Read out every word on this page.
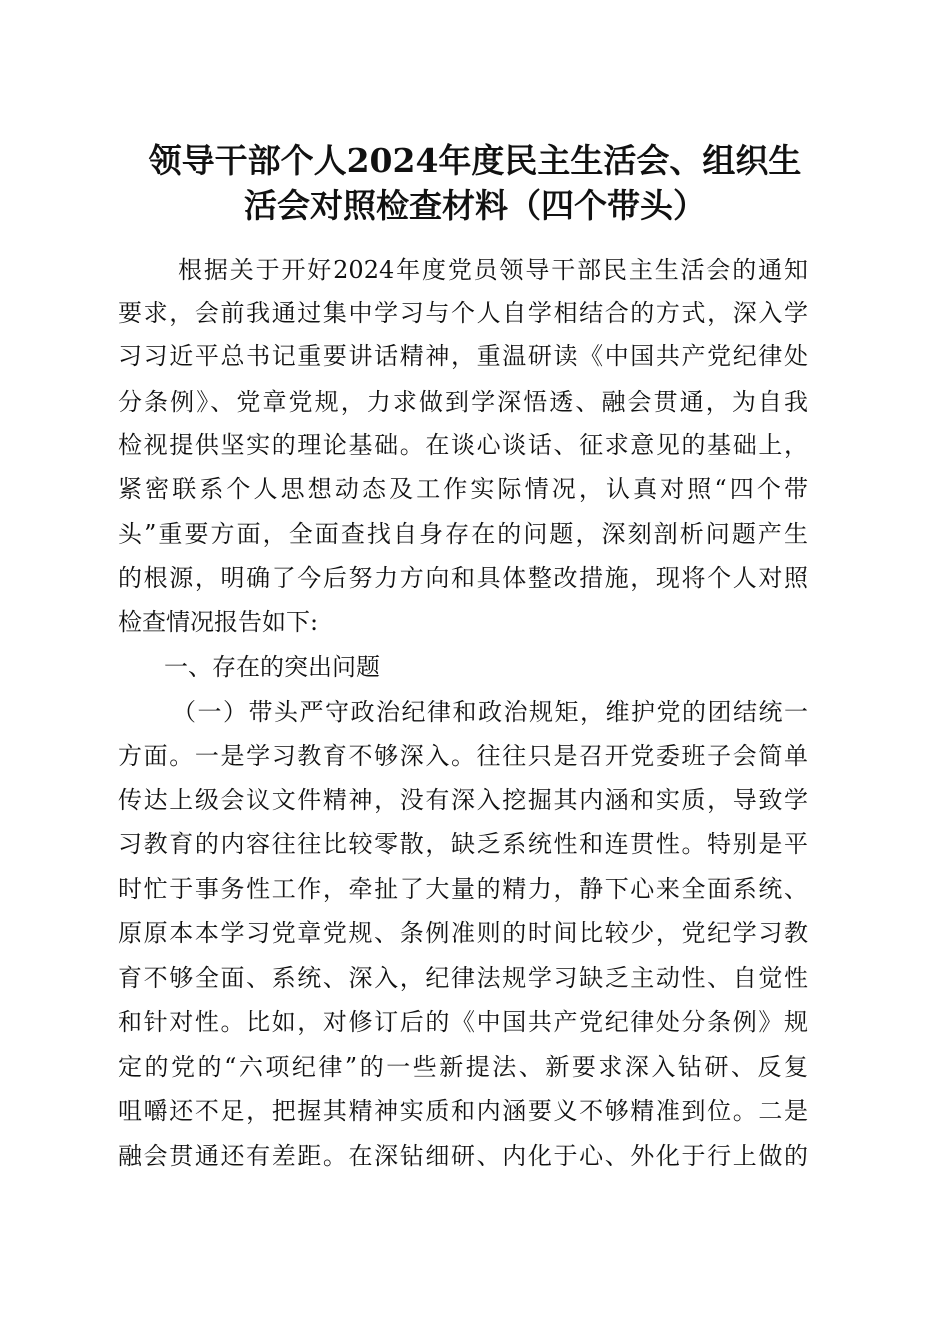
领导干部个人2024年度民主生活会、组织生
活会对照检查材料（四个带头）
根据关于开好2024年度党员领导干部民主生活会的通知
要求，会前我通过集中学习与个人自学相结合的方式，深入学
习习近平总书记重要讲话精神，重温研读《中国共产党纪律处
分条例》、党章党规，力求做到学深悟透、融会贯通，为自我
检视提供坚实的理论基础。在谈心谈话、征求意见的基础上，
紧密联系个人思想动态及工作实际情况，认真对照“四个带
头”重要方面，全面查找自身存在的问题，深刻剖析问题产生
的根源，明确了今后努力方向和具体整改措施，现将个人对照
检查情况报告如下:
一、存在的突出问题
（一）带头严守政治纪律和政治规矩，维护党的团结统一
方面。一是学习教育不够深入。往往只是召开党委班子会简单
传达上级会议文件精神，没有深入挖掘其内涵和实质，导致学
习教育的内容往往比较零散，缺乏系统性和连贯性。特别是平
时忙于事务性工作，牵扯了大量的精力，静下心来全面系统、
原原本本学习党章党规、条例准则的时间比较少，党纪学习教
育不够全面、系统、深入，纪律法规学习缺乏主动性、自觉性
和针对性。比如，对修订后的《中国共产党纪律处分条例》规
定的党的“六项纪律”的一些新提法、新要求深入钻研、反复
咀嚼还不足，把握其精神实质和内涵要义不够精准到位。二是
融会贯通还有差距。在深钻细研、内化于心、外化于行上做的
